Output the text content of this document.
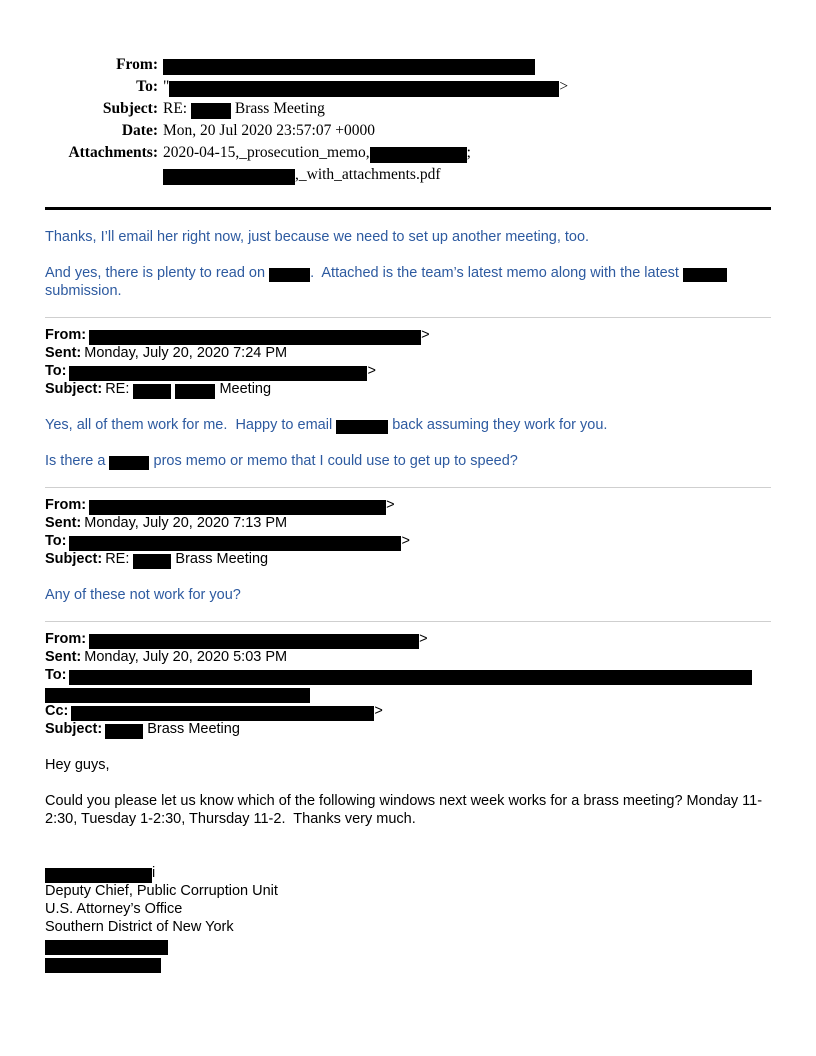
From:
To: "	>
Subject: RE:	Brass Meeting
Date: Mon, 20 Jul 2020 23:57:07 +0000
Attachments: 2020-04-15,_prosecution_memo,	;
,_with_attachments.pdf

Thanks, I’ll email her right now, just because we need to set up another meeting, too.

And yes, there is plenty to read on	.  Attached is the team’s latest memo along with the latest	submission.

From:	>
Sent: Monday, July 20, 2020 7:24 PM
To:	>
Subject: RE:	Meeting

Yes, all of them work for me.  Happy to email	back assuming they work for you.

Is there a	pros memo or memo that I could use to get up to speed?

From:	>
Sent: Monday, July 20, 2020 7:13 PM
To:	>
Subject: RE:	Brass Meeting

Any of these not work for you?

From:	>
Sent: Monday, July 20, 2020 5:03 PM
To:

Cc:	>
Subject:	Brass Meeting

Hey guys,

Could you please let us know which of the following windows next week works for a brass meeting? Monday 11-2:30, Tuesday 1-2:30, Thursday 11-2.  Thanks very much.

i
Deputy Chief, Public Corruption Unit
U.S. Attorney’s Office
Southern District of New York
